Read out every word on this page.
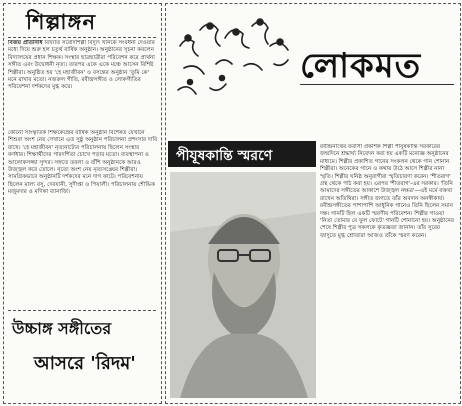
শিল্পাঙ্গন
বিজয় প্রতিনিধি বিখ্যাত সরোদশিল্পী বিদ্যুৎ খানকে সংবর্ধনা দেওয়ার মধ্যে দিয়ে শুরু হল চতুর্থ বার্ষিক অনুষ্ঠান। অনুষ্ঠানের সূচনা করলেন বিদ্যালয়ের প্রধান শিক্ষক। সংস্থার ছাত্রছাত্রীরা পরিবেশন করে প্রার্থনা সঙ্গীত এবং উদ্বোধনী নৃত্য। তারপর একে একে মঞ্চে আসেন বিশিষ্ট শিল্পীরা। অনুষ্ঠিত হয় 'হে মহাজীবন' ও বসন্তের অনুষ্ঠান 'তুমি কে' মনে রাখার মতো। নজরুল গীতি, রবীন্দ্রসঙ্গীত ও লোকগীতির পরিবেশনা দর্শকদের মুগ্ধ করে।
কোনো সাংস্কৃতিক শিক্ষকেন্দ্রের বার্ষিক অনুষ্ঠান বিশেষত যেখানে শিশুরা অংশ নেয় সেখানে এত সুষ্ঠু অনুষ্ঠান পরিচালনা প্রশংসার দাবি রাখে। 'হে মহাজীবন' নৃত্যনাট্যের পরিচালনায় ছিলেন সংস্থার কর্ণধার। শিক্ষার্থীদের পারদর্শিতা চোখে পড়ার মতো। ব্যবস্থাপনা ও আলোকসজ্জা সুন্দর। সঙ্গতে তবলা ও বাঁশি অনুষ্ঠানকে আরও উজ্জ্বল করে তোলে। নৃত্যে অংশ নেয় নৃত্যসঙ্ঘের শিল্পীরা। সামগ্রিকভাবে অনুষ্ঠানটি দর্শকদের মনে দাগ কাটে। পরিবেশনায় ছিলেন মাল্য বসু, দেবযানী, সুদীপ্তা ও পিয়ালী। পরিচালনায় শৌভিক মজুমদার ও মণিকা ব্যানার্জি।
উচ্চাঙ্গ সঙ্গীতের
আসরে 'রিদম'
লোকমত
পীযূষকান্তি স্মরণে
রবীন্দ্রনাথের ফরাসী প্রকাশক শিল্পী পীযূষকান্তি সরকারের জন্মদিনে শ্রদ্ধার্ঘ্য নিবেদন করা হয় একটি মনোজ্ঞ অনুষ্ঠানের মাধ্যমে। শিল্পীর প্রকাশিত গানের সংকলন থেকে গান শোনান শিল্পীরা। অনেকের গানে ও কথায় উঠে আসে শিল্পীর নানা স্মৃতি। শিল্পীর ঘনিষ্ঠ অনুরাগীরা স্মৃতিচারণা করেন। 'শীতরাগ' গ্রন্থ থেকে পাঠ করা হয়। এরপর 'শীতরাগ'-এর সরকার। 'তিনি আমাদের সঙ্গীতের আকাশে উজ্জ্বল নক্ষত্র'—এই মর্মে বক্তব্য রাখেন অতিথিরা। সঙ্গীত জগতে তাঁর অবদান অনস্বীকার্য। রবীন্দ্রসঙ্গীতের পাশাপাশি আধুনিক গানেও তিনি ছিলেন সমান দক্ষ। গানটি ছিল একটি স্মরণীয় পরিবেশন। শিল্পীর গাওয়া 'নিত্য তোমার যে ফুল ফোটে' গানটি শোনানো হয়। অনুষ্ঠানের শেষে শিল্পীর পুত্র সকলকে কৃতজ্ঞতা জানান। তাঁর সুরের জাদুতে মুগ্ধ শ্রোতারা আজও তাঁকে স্মরণ করেন।
